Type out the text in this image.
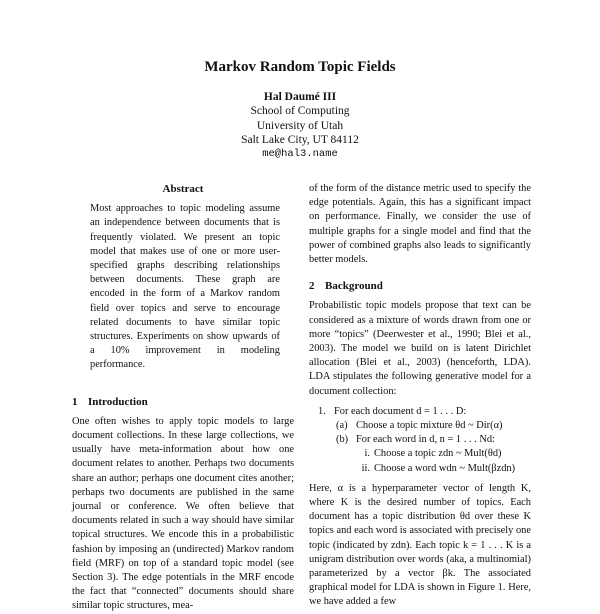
Markov Random Topic Fields
Hal Daumé III
School of Computing
University of Utah
Salt Lake City, UT 84112
me@hal3.name
Abstract

Most approaches to topic modeling assume an independence between documents that is frequently violated. We present an topic model that makes use of one or more user-specified graphs describing relationships between documents. These graph are encoded in the form of a Markov random field over topics and serve to encourage related documents to have similar topic structures. Experiments on show upwards of a 10% improvement in modeling performance.

1 Introduction

One often wishes to apply topic models to large document collections. In these large collections, we usually have meta-information about how one document relates to another. Perhaps two documents share an author; perhaps one document cites another; perhaps two documents are published in the same journal or conference. We often believe that documents related in such a way should have similar topical structures. We encode this in a probabilistic fashion by imposing an (undirected) Markov random field (MRF) on top of a standard topic model (see Section 3). The edge potentials in the MRF encode the fact that “connected” documents should share similar topic structures, mea-

of the form of the distance metric used to specify the edge potentials. Again, this has a significant impact on performance. Finally, we consider the use of multiple graphs for a single model and find that the power of combined graphs also leads to significantly better models.

2 Background

Probabilistic topic models propose that text can be considered as a mixture of words drawn from one or more “topics” (Deerwester et al., 1990; Blei et al., 2003). The model we build on is latent Dirichlet allocation (Blei et al., 2003) (henceforth, LDA). LDA stipulates the following generative model for a document collection:

1. For each document d = 1 . . . D:
(a) Choose a topic mixture θd ~ Dir(α)
(b) For each word in d, n = 1 . . . Nd:
i. Choose a topic zdn ~ Mult(θd)
ii. Choose a word wdn ~ Mult(βzdn)

Here, α is a hyperparameter vector of length K, where K is the desired number of topics. Each document has a topic distribution θd over these K topics and each word is associated with precisely one topic (indicated by zdn). Each topic k = 1 . . . K is a unigram distribution over words (aka, a multinomial) parameterized by a vector βk. The associated graphical model for LDA is shown in Figure 1. Here, we have added a few
